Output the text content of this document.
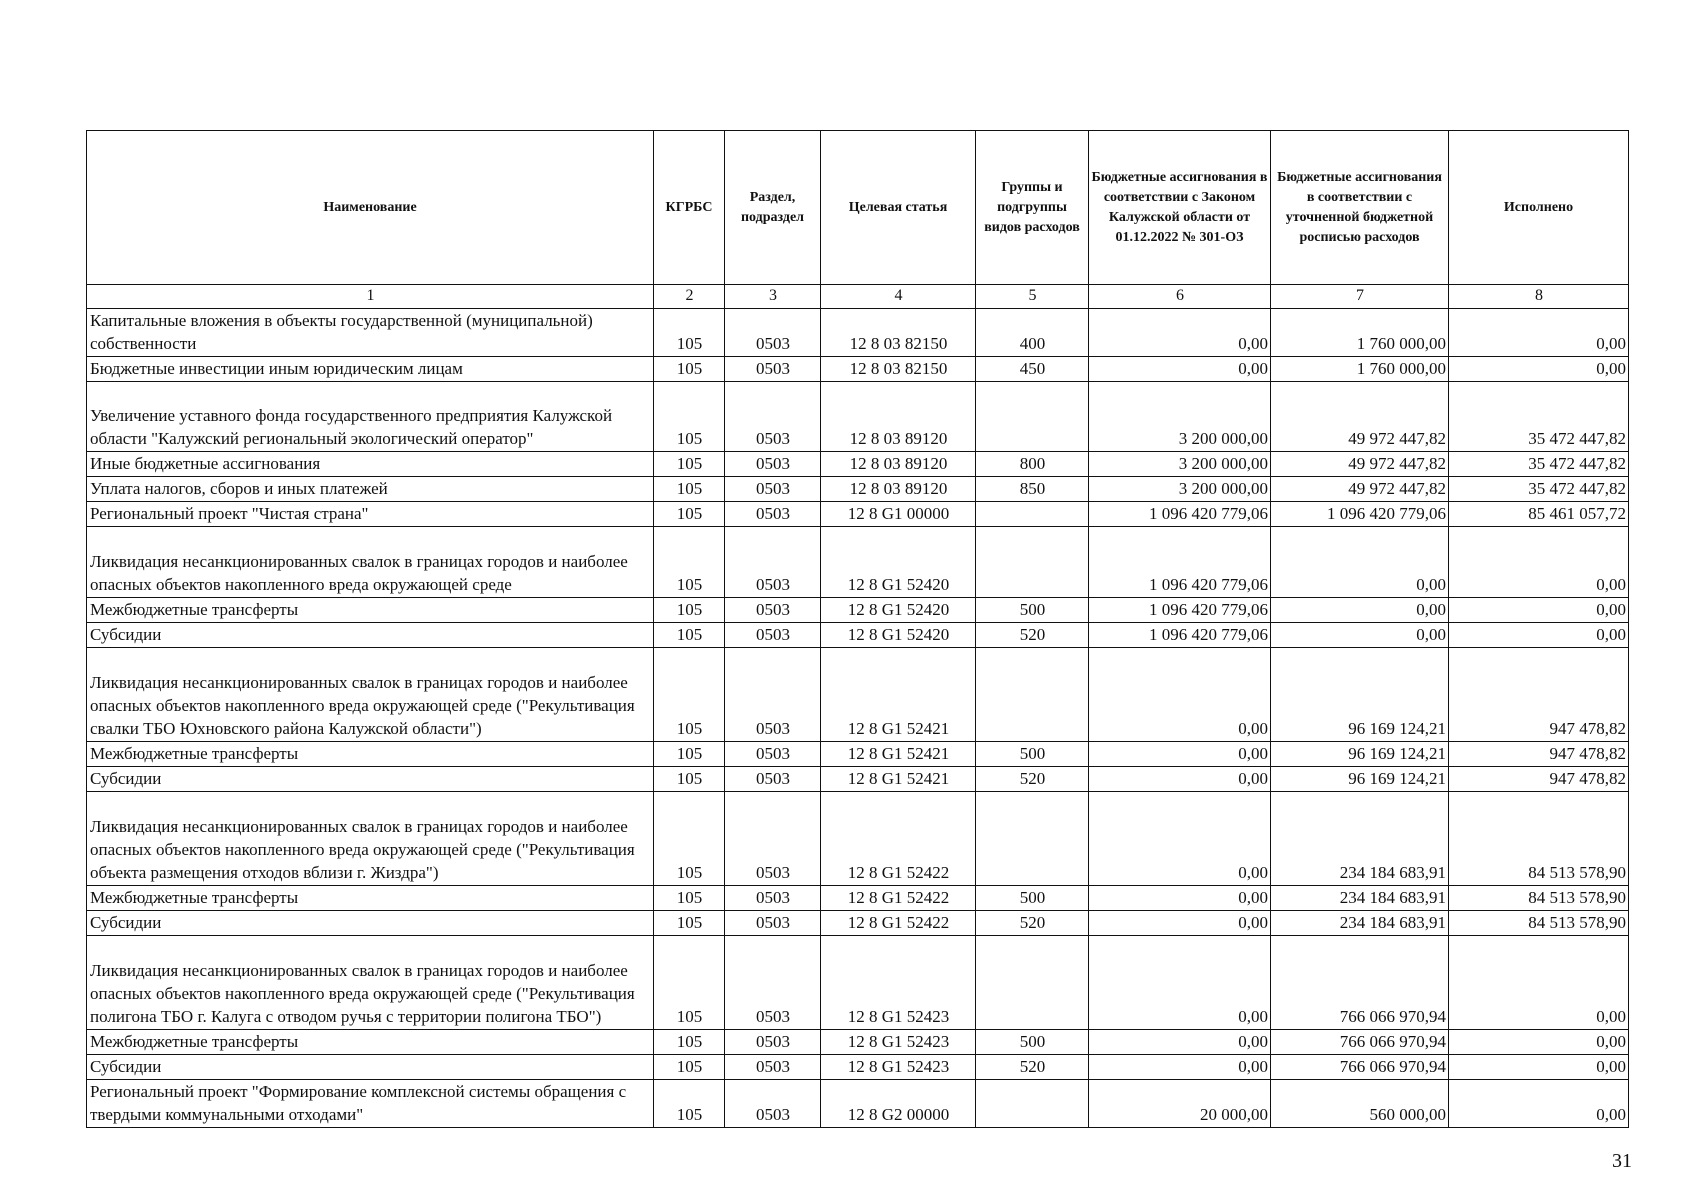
Наименование	КГРБС	Раздел, подраздел	Целевая статья	Группы и подгруппы видов расходов	Бюджетные ассигнования в соответствии с Законом Калужской области от 01.12.2022 № 301-ОЗ	Бюджетные ассигнования в соответствии с уточненной бюджетной росписью расходов	Исполнено
1	2	3	4	5	6	7	8
Капитальные вложения в объекты государственной (муниципальной) собственности	105	0503	12 8 03 82150	400	0,00	1 760 000,00	0,00
Бюджетные инвестиции иным юридическим лицам	105	0503	12 8 03 82150	450	0,00	1 760 000,00	0,00
Увеличение уставного фонда государственного предприятия Калужской области "Калужский региональный экологический оператор"	105	0503	12 8 03 89120		3 200 000,00	49 972 447,82	35 472 447,82
Иные бюджетные ассигнования	105	0503	12 8 03 89120	800	3 200 000,00	49 972 447,82	35 472 447,82
Уплата налогов, сборов и иных платежей	105	0503	12 8 03 89120	850	3 200 000,00	49 972 447,82	35 472 447,82
Региональный проект "Чистая страна"	105	0503	12 8 G1 00000		1 096 420 779,06	1 096 420 779,06	85 461 057,72
Ликвидация несанкционированных свалок в границах городов и наиболее опасных объектов накопленного вреда окружающей среде	105	0503	12 8 G1 52420		1 096 420 779,06	0,00	0,00
Межбюджетные трансферты	105	0503	12 8 G1 52420	500	1 096 420 779,06	0,00	0,00
Субсидии	105	0503	12 8 G1 52420	520	1 096 420 779,06	0,00	0,00
Ликвидация несанкционированных свалок в границах городов и наиболее опасных объектов накопленного вреда окружающей среде ("Рекультивация свалки ТБО Юхновского района Калужской области")	105	0503	12 8 G1 52421		0,00	96 169 124,21	947 478,82
Межбюджетные трансферты	105	0503	12 8 G1 52421	500	0,00	96 169 124,21	947 478,82
Субсидии	105	0503	12 8 G1 52421	520	0,00	96 169 124,21	947 478,82
Ликвидация несанкционированных свалок в границах городов и наиболее опасных объектов накопленного вреда окружающей среде ("Рекультивация объекта размещения отходов вблизи г. Жиздра")	105	0503	12 8 G1 52422		0,00	234 184 683,91	84 513 578,90
Межбюджетные трансферты	105	0503	12 8 G1 52422	500	0,00	234 184 683,91	84 513 578,90
Субсидии	105	0503	12 8 G1 52422	520	0,00	234 184 683,91	84 513 578,90
Ликвидация несанкционированных свалок в границах городов и наиболее опасных объектов накопленного вреда окружающей среде ("Рекультивация полигона ТБО г. Калуга с отводом ручья с территории полигона ТБО")	105	0503	12 8 G1 52423		0,00	766 066 970,94	0,00
Межбюджетные трансферты	105	0503	12 8 G1 52423	500	0,00	766 066 970,94	0,00
Субсидии	105	0503	12 8 G1 52423	520	0,00	766 066 970,94	0,00
Региональный проект "Формирование комплексной системы обращения с твердыми коммунальными отходами"	105	0503	12 8 G2 00000		20 000,00	560 000,00	0,00
31
